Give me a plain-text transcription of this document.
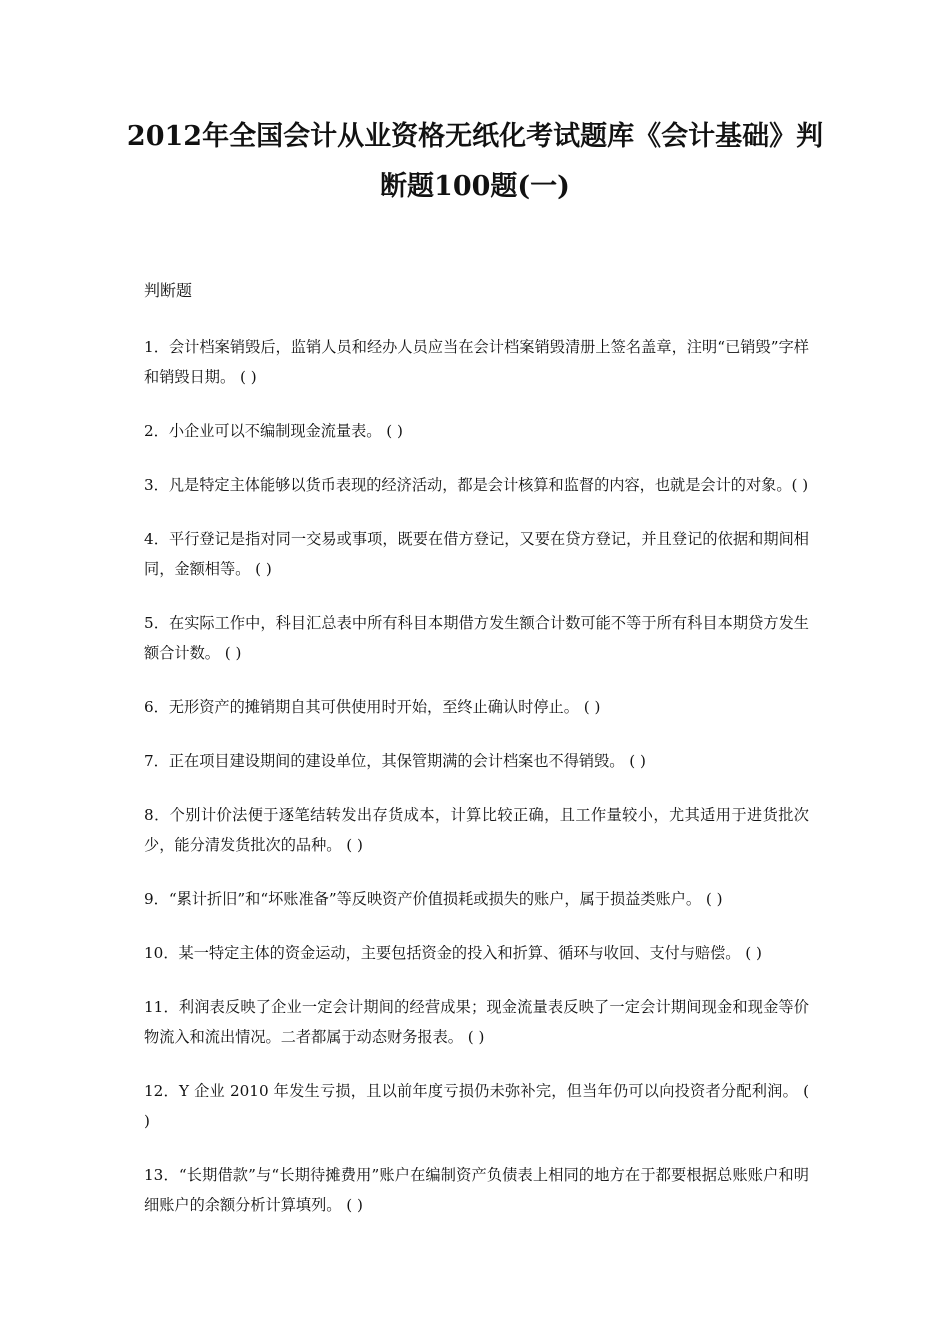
2012年全国会计从业资格无纸化考试题库《会计基础》判断题100题(一)

判断题

1．会计档案销毁后，监销人员和经办人员应当在会计档案销毁清册上签名盖章，注明“已销毁”字样和销毁日期。 ( )
2．小企业可以不编制现金流量表。 ( )
3．凡是特定主体能够以货币表现的经济活动，都是会计核算和监督的内容，也就是会计的对象。( )
4．平行登记是指对同一交易或事项，既要在借方登记，又要在贷方登记，并且登记的依据和期间相同，金额相等。 ( )
5．在实际工作中，科目汇总表中所有科目本期借方发生额合计数可能不等于所有科目本期贷方发生额合计数。 ( )
6．无形资产的摊销期自其可供使用时开始，至终止确认时停止。 ( )
7．正在项目建设期间的建设单位，其保管期满的会计档案也不得销毁。 ( )
8．个别计价法便于逐笔结转发出存货成本，计算比较正确，且工作量较小，尤其适用于进货批次少，能分清发货批次的品种。 ( )
9．“累计折旧”和“坏账准备”等反映资产价值损耗或损失的账户，属于损益类账户。 ( )
10．某一特定主体的资金运动，主要包括资金的投入和折算、循环与收回、支付与赔偿。 ( )
11．利润表反映了企业一定会计期间的经营成果；现金流量表反映了一定会计期间现金和现金等价物流入和流出情况。二者都属于动态财务报表。 ( )
12．Y 企业 2010 年发生亏损，且以前年度亏损仍未弥补完，但当年仍可以向投资者分配利润。 ( )
13．“长期借款”与“长期待摊费用”账户在编制资产负债表上相同的地方在于都要根据总账账户和明细账户的余额分析计算填列。 ( )
